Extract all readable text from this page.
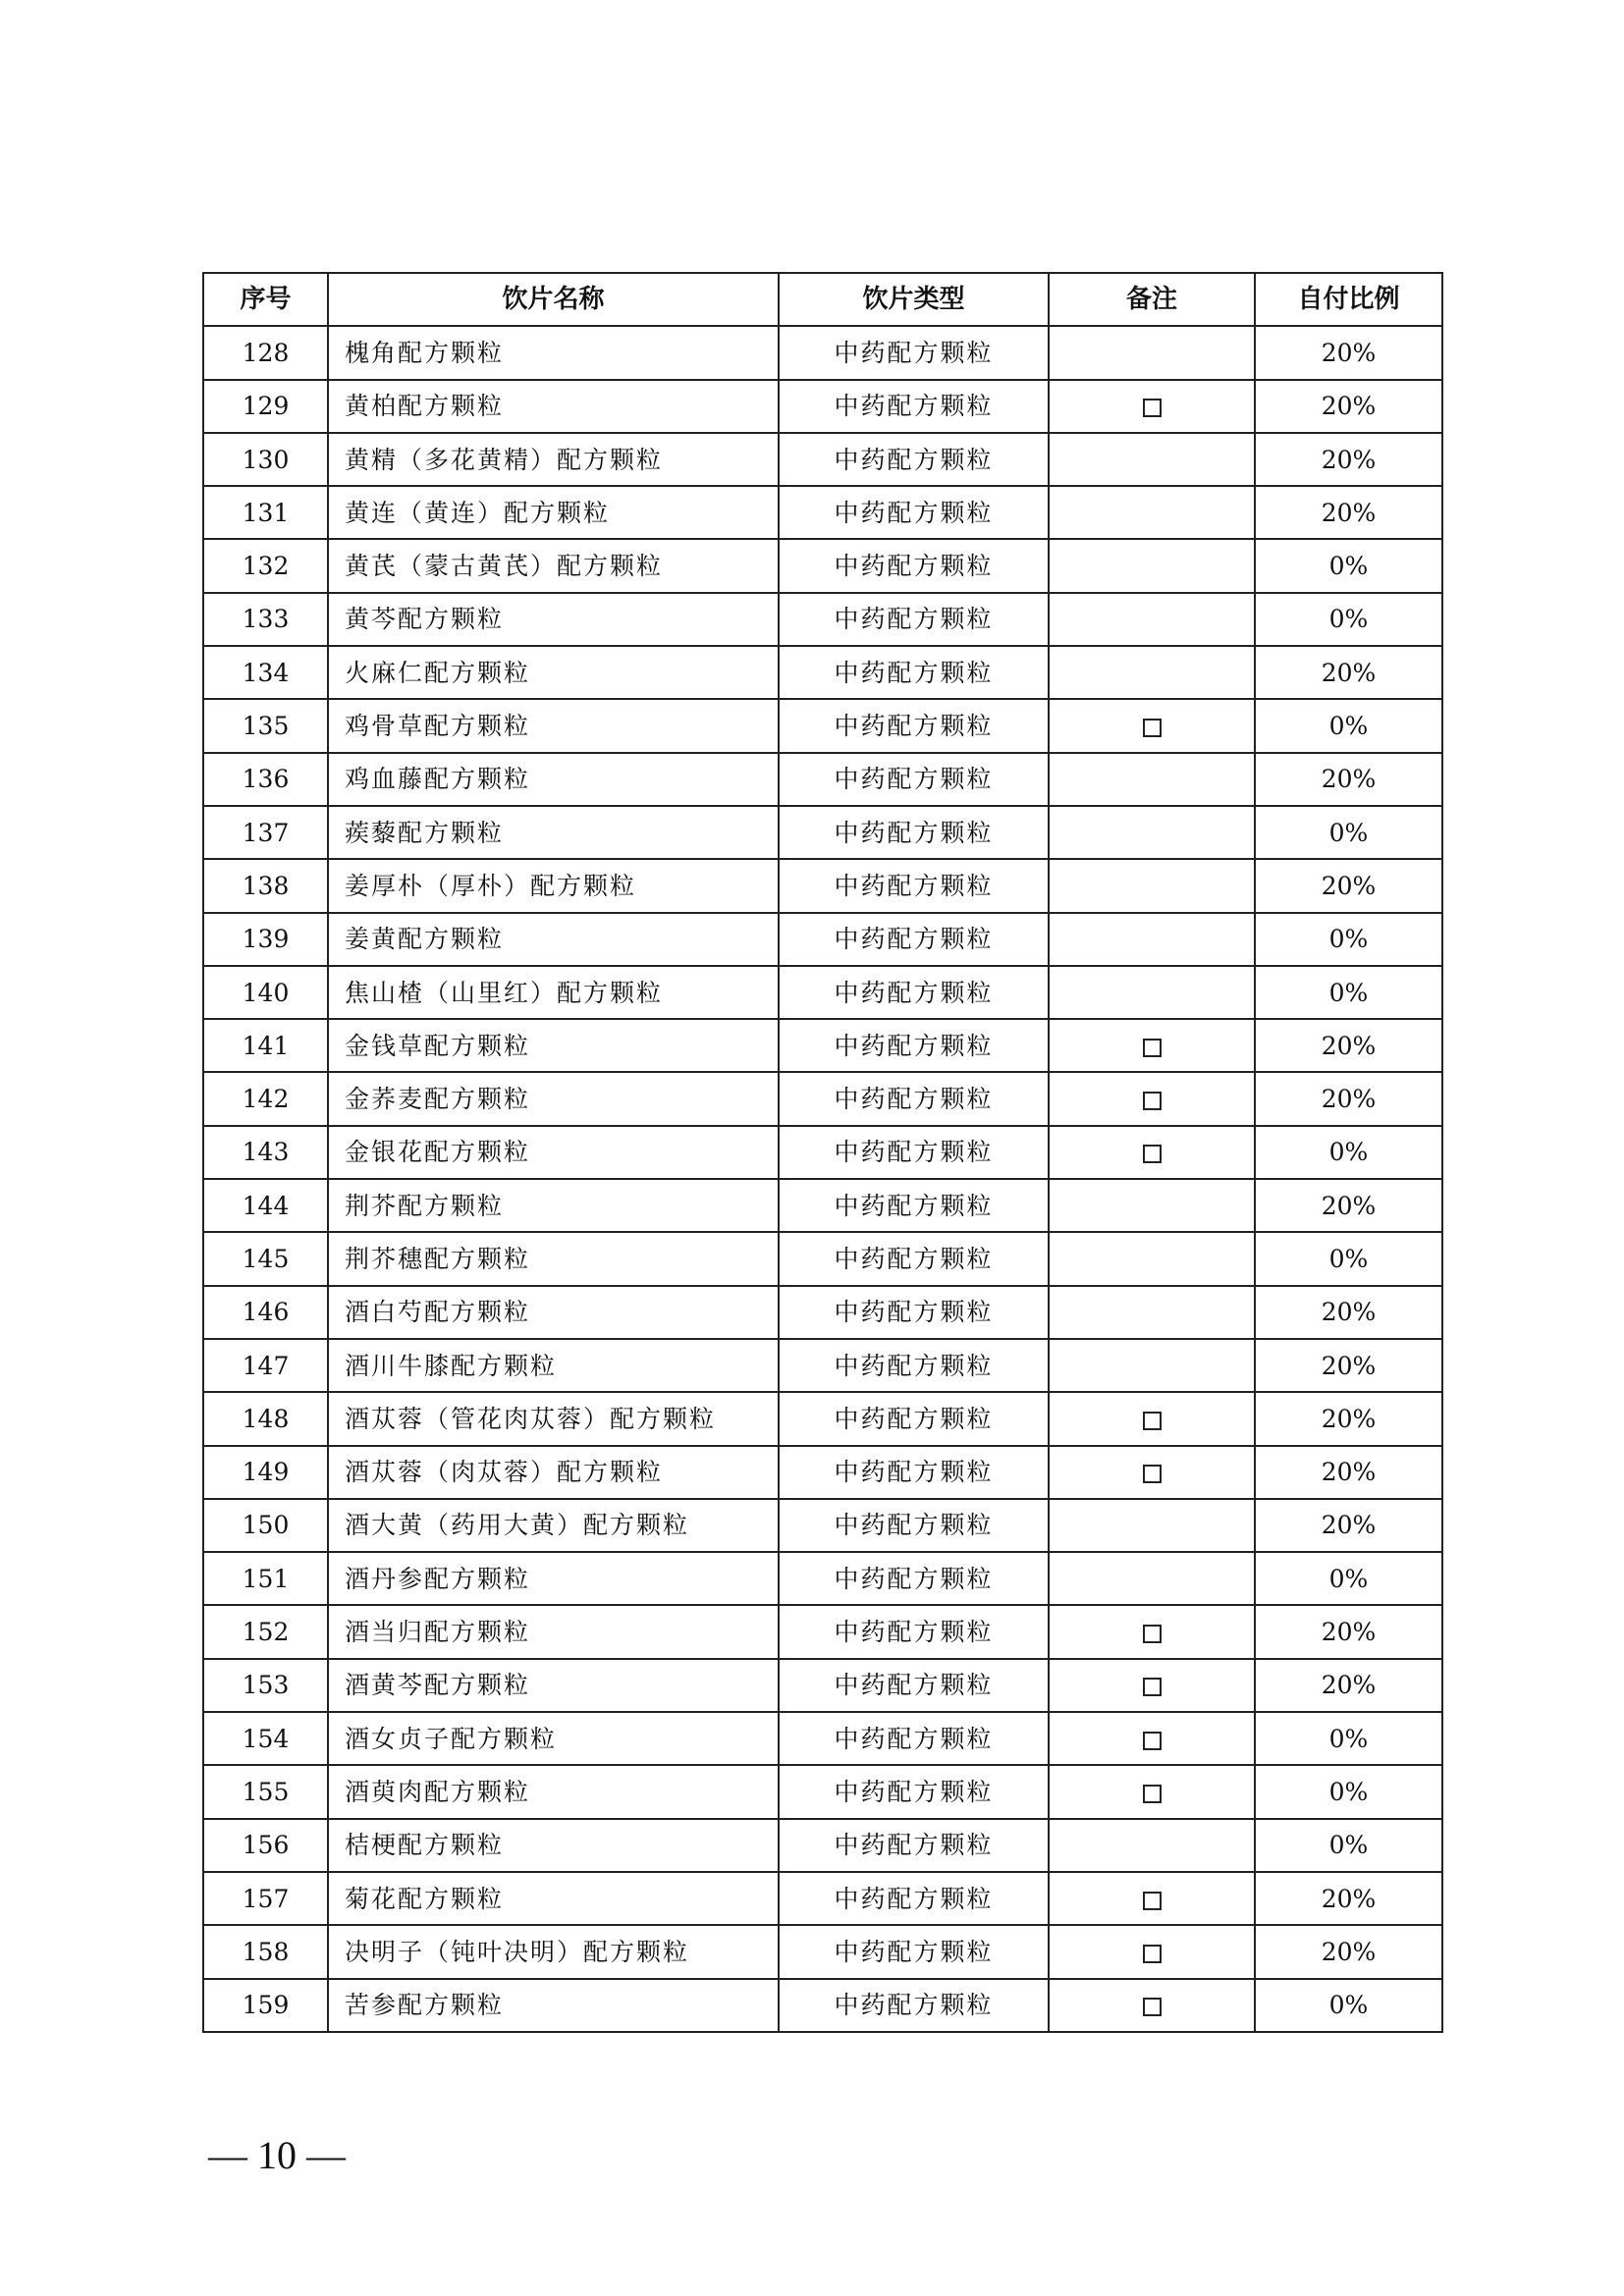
序号	饮片名称	饮片类型	备注	自付比例
128	槐角配方颗粒	中药配方颗粒		20%
129	黄柏配方颗粒	中药配方颗粒		20%
130	黄精（多花黄精）配方颗粒	中药配方颗粒		20%
131	黄连（黄连）配方颗粒	中药配方颗粒		20%
132	黄芪（蒙古黄芪）配方颗粒	中药配方颗粒		0%
133	黄芩配方颗粒	中药配方颗粒		0%
134	火麻仁配方颗粒	中药配方颗粒		20%
135	鸡骨草配方颗粒	中药配方颗粒		0%
136	鸡血藤配方颗粒	中药配方颗粒		20%
137	蒺藜配方颗粒	中药配方颗粒		0%
138	姜厚朴（厚朴）配方颗粒	中药配方颗粒		20%
139	姜黄配方颗粒	中药配方颗粒		0%
140	焦山楂（山里红）配方颗粒	中药配方颗粒		0%
141	金钱草配方颗粒	中药配方颗粒		20%
142	金荞麦配方颗粒	中药配方颗粒		20%
143	金银花配方颗粒	中药配方颗粒		0%
144	荆芥配方颗粒	中药配方颗粒		20%
145	荆芥穗配方颗粒	中药配方颗粒		0%
146	酒白芍配方颗粒	中药配方颗粒		20%
147	酒川牛膝配方颗粒	中药配方颗粒		20%
148	酒苁蓉（管花肉苁蓉）配方颗粒	中药配方颗粒		20%
149	酒苁蓉（肉苁蓉）配方颗粒	中药配方颗粒		20%
150	酒大黄（药用大黄）配方颗粒	中药配方颗粒		20%
151	酒丹参配方颗粒	中药配方颗粒		0%
152	酒当归配方颗粒	中药配方颗粒		20%
153	酒黄芩配方颗粒	中药配方颗粒		20%
154	酒女贞子配方颗粒	中药配方颗粒		0%
155	酒萸肉配方颗粒	中药配方颗粒		0%
156	桔梗配方颗粒	中药配方颗粒		0%
157	菊花配方颗粒	中药配方颗粒		20%
158	决明子（钝叶决明）配方颗粒	中药配方颗粒		20%
159	苦参配方颗粒	中药配方颗粒		0%
— 10 —
